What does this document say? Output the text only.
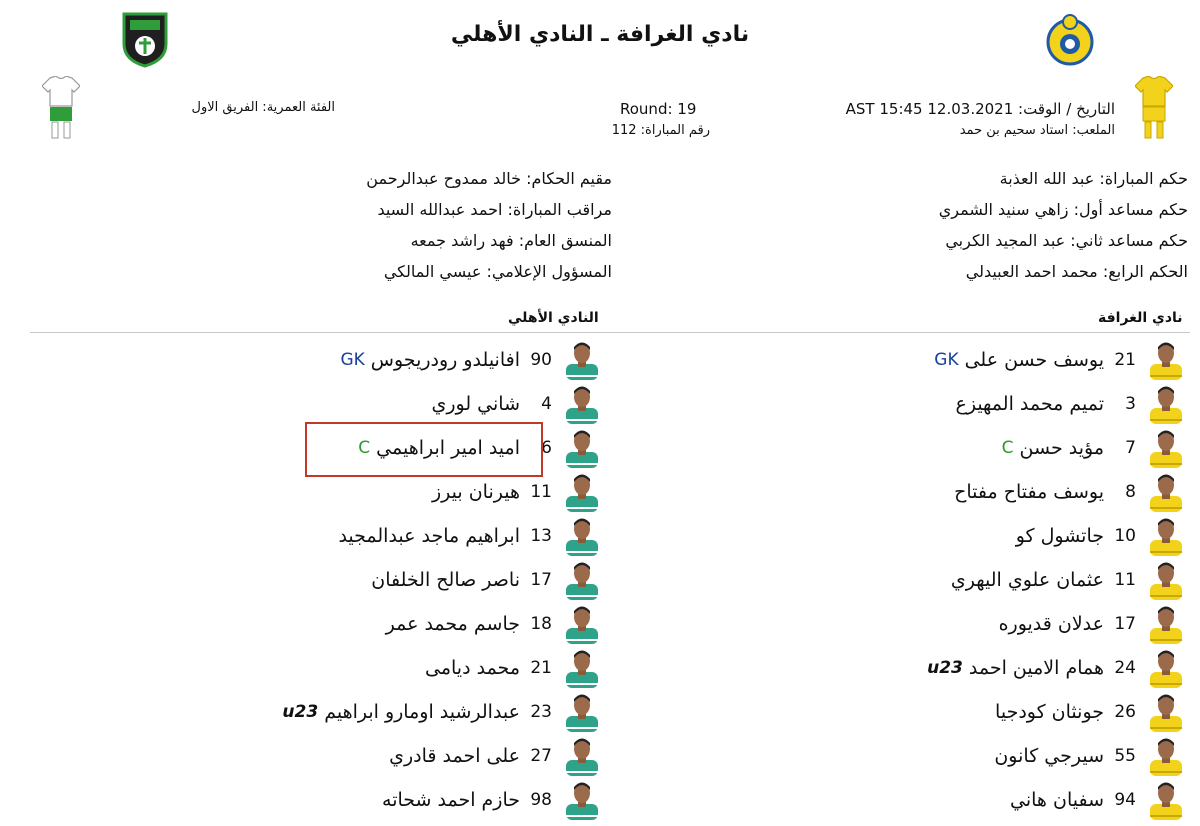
نادي الغرافة ـ النادي الأهلي
الفئة العمرية: الفريق الاول	Round: 19
رقم المباراة: 112
التاريخ / الوقت: 12.03.2021 15:45 AST
الملعب: استاد سحيم بن حمد
حكم المباراة: عبد الله العذبة
حكم مساعد أول: زاهي سنيد الشمري
حكم مساعد ثاني: عبد المجيد الكربي
الحكم الرابع: محمد احمد العبيدلي
مقيم الحكام: خالد ممدوح عبدالرحمن
مراقب المباراة: احمد عبدالله السيد
المنسق العام: فهد راشد جمعه
المسؤول الإعلامي: عيسي المالكي
نادي الغرافة
النادي الأهلي
21
يوسف حسن على
GK
3
تميم محمد المهيزع
7
مؤيد حسن
C
8
يوسف مفتاح مفتاح
10
جاتشول كو
11
عثمان علوي اليهري
17
عدلان قديوره
24
همام الامين احمد
u23
26
جونثان كودجيا
55
سيرجي كانون
94
سفيان هاني
90
افانيلدو رودريجوس
GK
4
شاني لوري
6
اميد امير ابراهيمي
C
11
هيرنان بيرز
13
ابراهيم ماجد عبدالمجيد
17
ناصر صالح الخلفان
18
جاسم محمد عمر
21
محمد دیامی
23
عبدالرشيد اومارو ابراهيم
u23
27
على احمد قادري
98
حازم احمد شحاته
